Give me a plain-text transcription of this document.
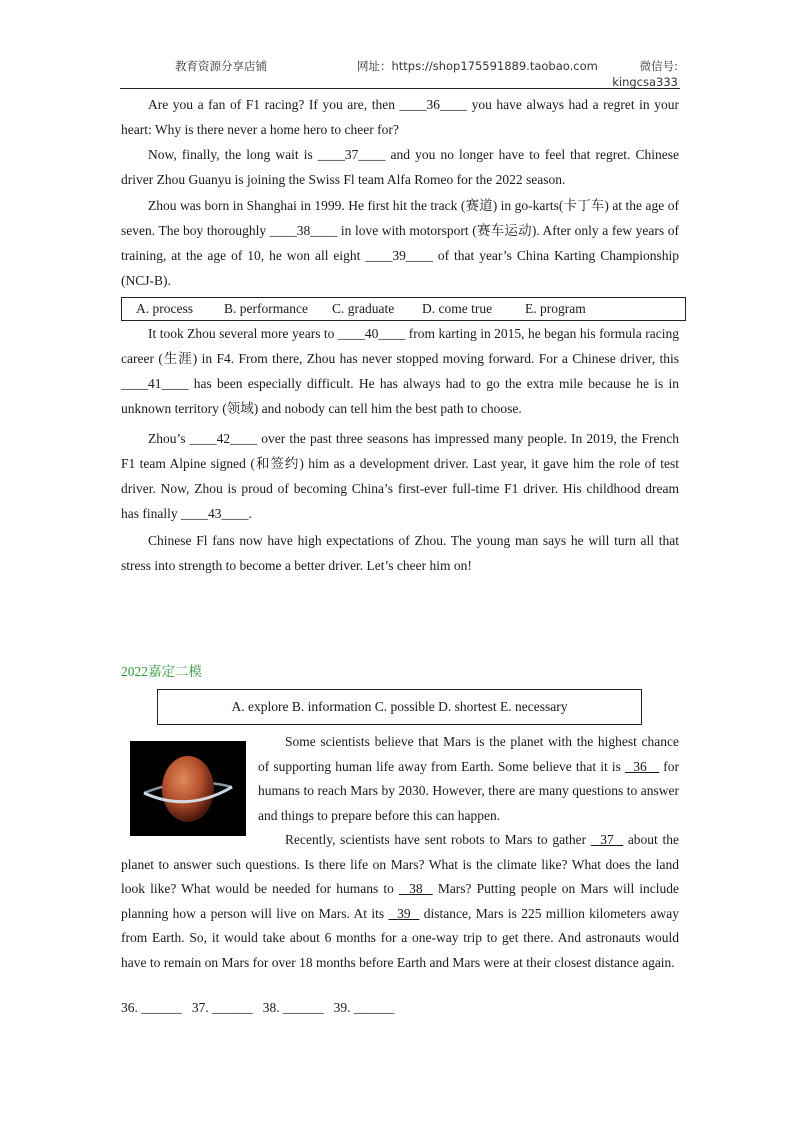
教育资源分享店铺	网址：https://shop175591889.taobao.com	微信号:
kingcsa333

Are you a fan of F1 racing? If you are, then ____36____ you have always had a regret in your heart: Why is there never a home hero to cheer for?

Now, finally, the long wait is ____37____ and you no longer have to feel that regret. Chinese driver Zhou Guanyu is joining the Swiss Fl team Alfa Romeo for the 2022 season.

Zhou was born in Shanghai in 1999. He first hit the track (赛道) in go-karts(卡丁车) at the age of seven. The boy thoroughly ____38____ in love with motorsport (赛车运动). After only a few years of training, at the age of 10, he won all eight ____39____ of that year’s China Karting Championship (NCJ-B).

A. process B. performance C. graduate D. come true E. program

It took Zhou several more years to ____40____ from karting in 2015, he began his formula racing career (生涯) in F4. From there, Zhou has never stopped moving forward. For a Chinese driver, this ____41____ has been especially difficult. He has always had to go the extra mile because he is in unknown territory (领域) and nobody can tell him the best path to choose.

Zhou’s ____42____ over the past three seasons has impressed many people. In 2019, the French F1 team Alpine signed (和签约) him as a development driver. Last year, it gave him the role of test driver. Now, Zhou is proud of becoming China’s first-ever full-time F1 driver. His childhood dream has finally ____43____.

Chinese Fl fans now have high expectations of Zhou. The young man says he will turn all that stress into strength to become a better driver. Let’s cheer him on!

2022嘉定二模
A. explore B. information C. possible D. shortest E. necessary

Some scientists believe that Mars is the planet with the highest chance of supporting human life away from Earth. Some believe that it is   36    for humans to reach Mars by 2030. However, there are many questions to answer and things to prepare before this can happen.

Recently, scientists have sent robots to Mars to gather   37   about the planet to answer such questions. Is there life on Mars? What is the climate like? What does the land look like? What would be needed for humans to   38   Mars? Putting people on Mars will include planning how a person will live on Mars. At its   39   distance, Mars is 225 million kilometers away from Earth. So, it would take about 6 months for a one-way trip to get there. And astronauts would have to remain on Mars for over 18 months before Earth and Mars were at their closest distance again.

36. ______   37. ______   38. ______   39. ______
